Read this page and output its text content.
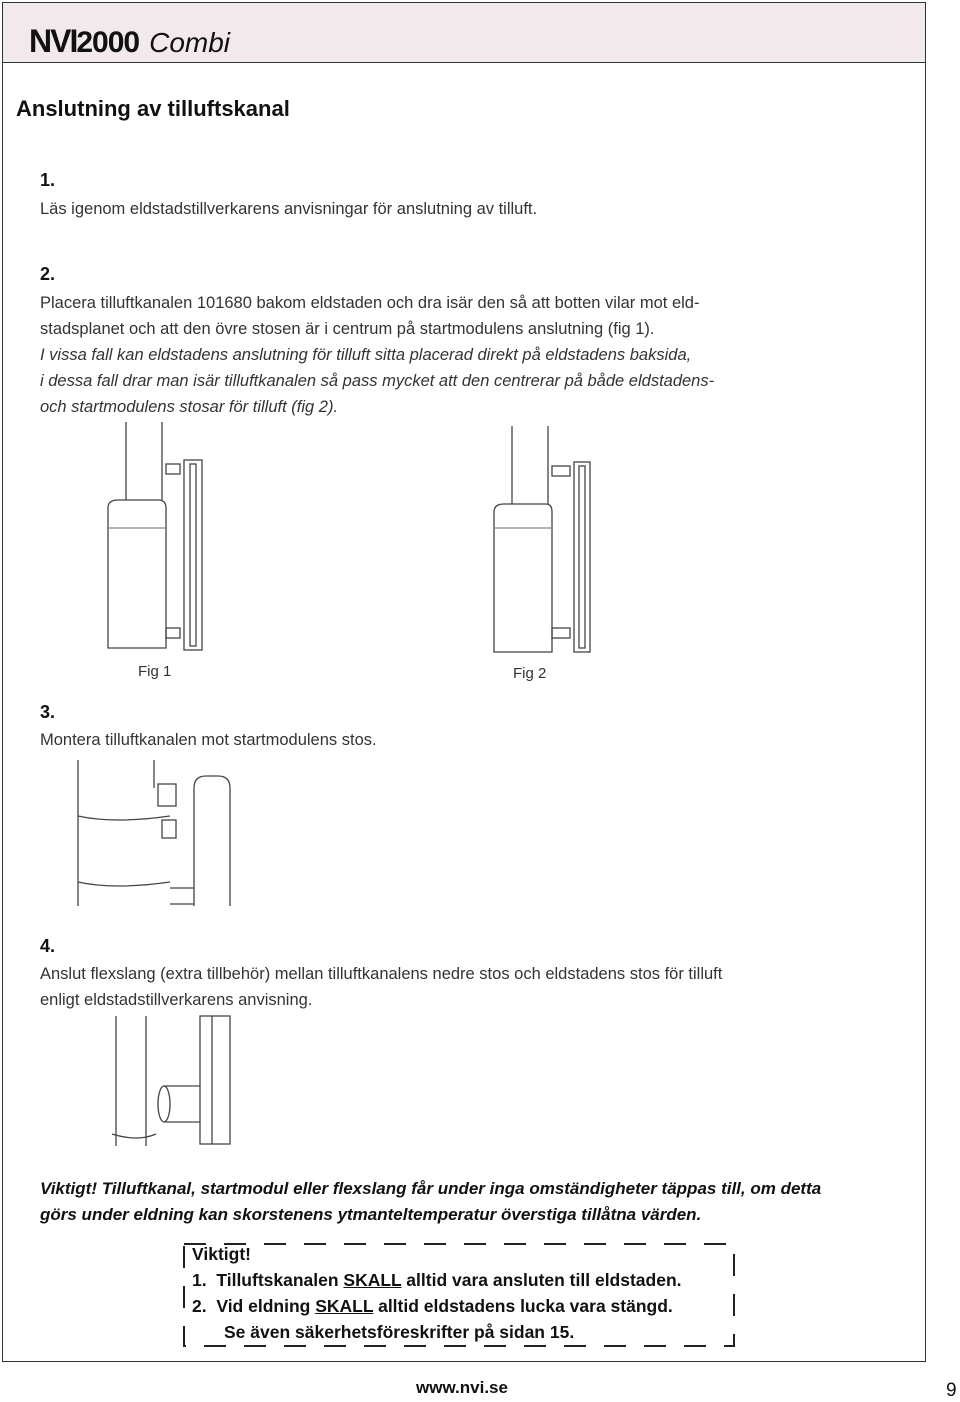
NVI2000 Combi
Anslutning av tilluftskanal
1.
Läs igenom eldstadstillverkarens anvisningar för anslutning av tilluft.
2.
Placera tilluftkanalen 101680 bakom eldstaden och dra isär den så att botten vilar mot eld-
stadsplanet och att den övre stosen är i centrum på startmodulens anslutning (fig 1).
I vissa fall kan eldstadens anslutning för tilluft sitta placerad direkt på eldstadens baksida,
i dessa fall drar man isär tilluftkanalen så pass mycket att den centrerar på både eldstadens-
och startmodulens stosar för tilluft (fig 2).
Fig 1	Fig 2
3.
Montera tilluftkanalen mot startmodulens stos.
4.
Anslut flexslang (extra tillbehör) mellan tilluftkanalens nedre stos och eldstadens stos för tilluft
enligt eldstadstillverkarens anvisning.
Viktigt! Tilluftkanal, startmodul eller flexslang får under inga omständigheter täppas till, om detta
görs under eldning kan skorstenens ytmanteltemperatur överstiga tillåtna värden.
Viktigt!
1. Tilluftskanalen SKALL alltid vara ansluten till eldstaden.
2. Vid eldning SKALL alltid eldstadens lucka vara stängd.
Se även säkerhetsföreskrifter på sidan 15.
www.nvi.se	9
